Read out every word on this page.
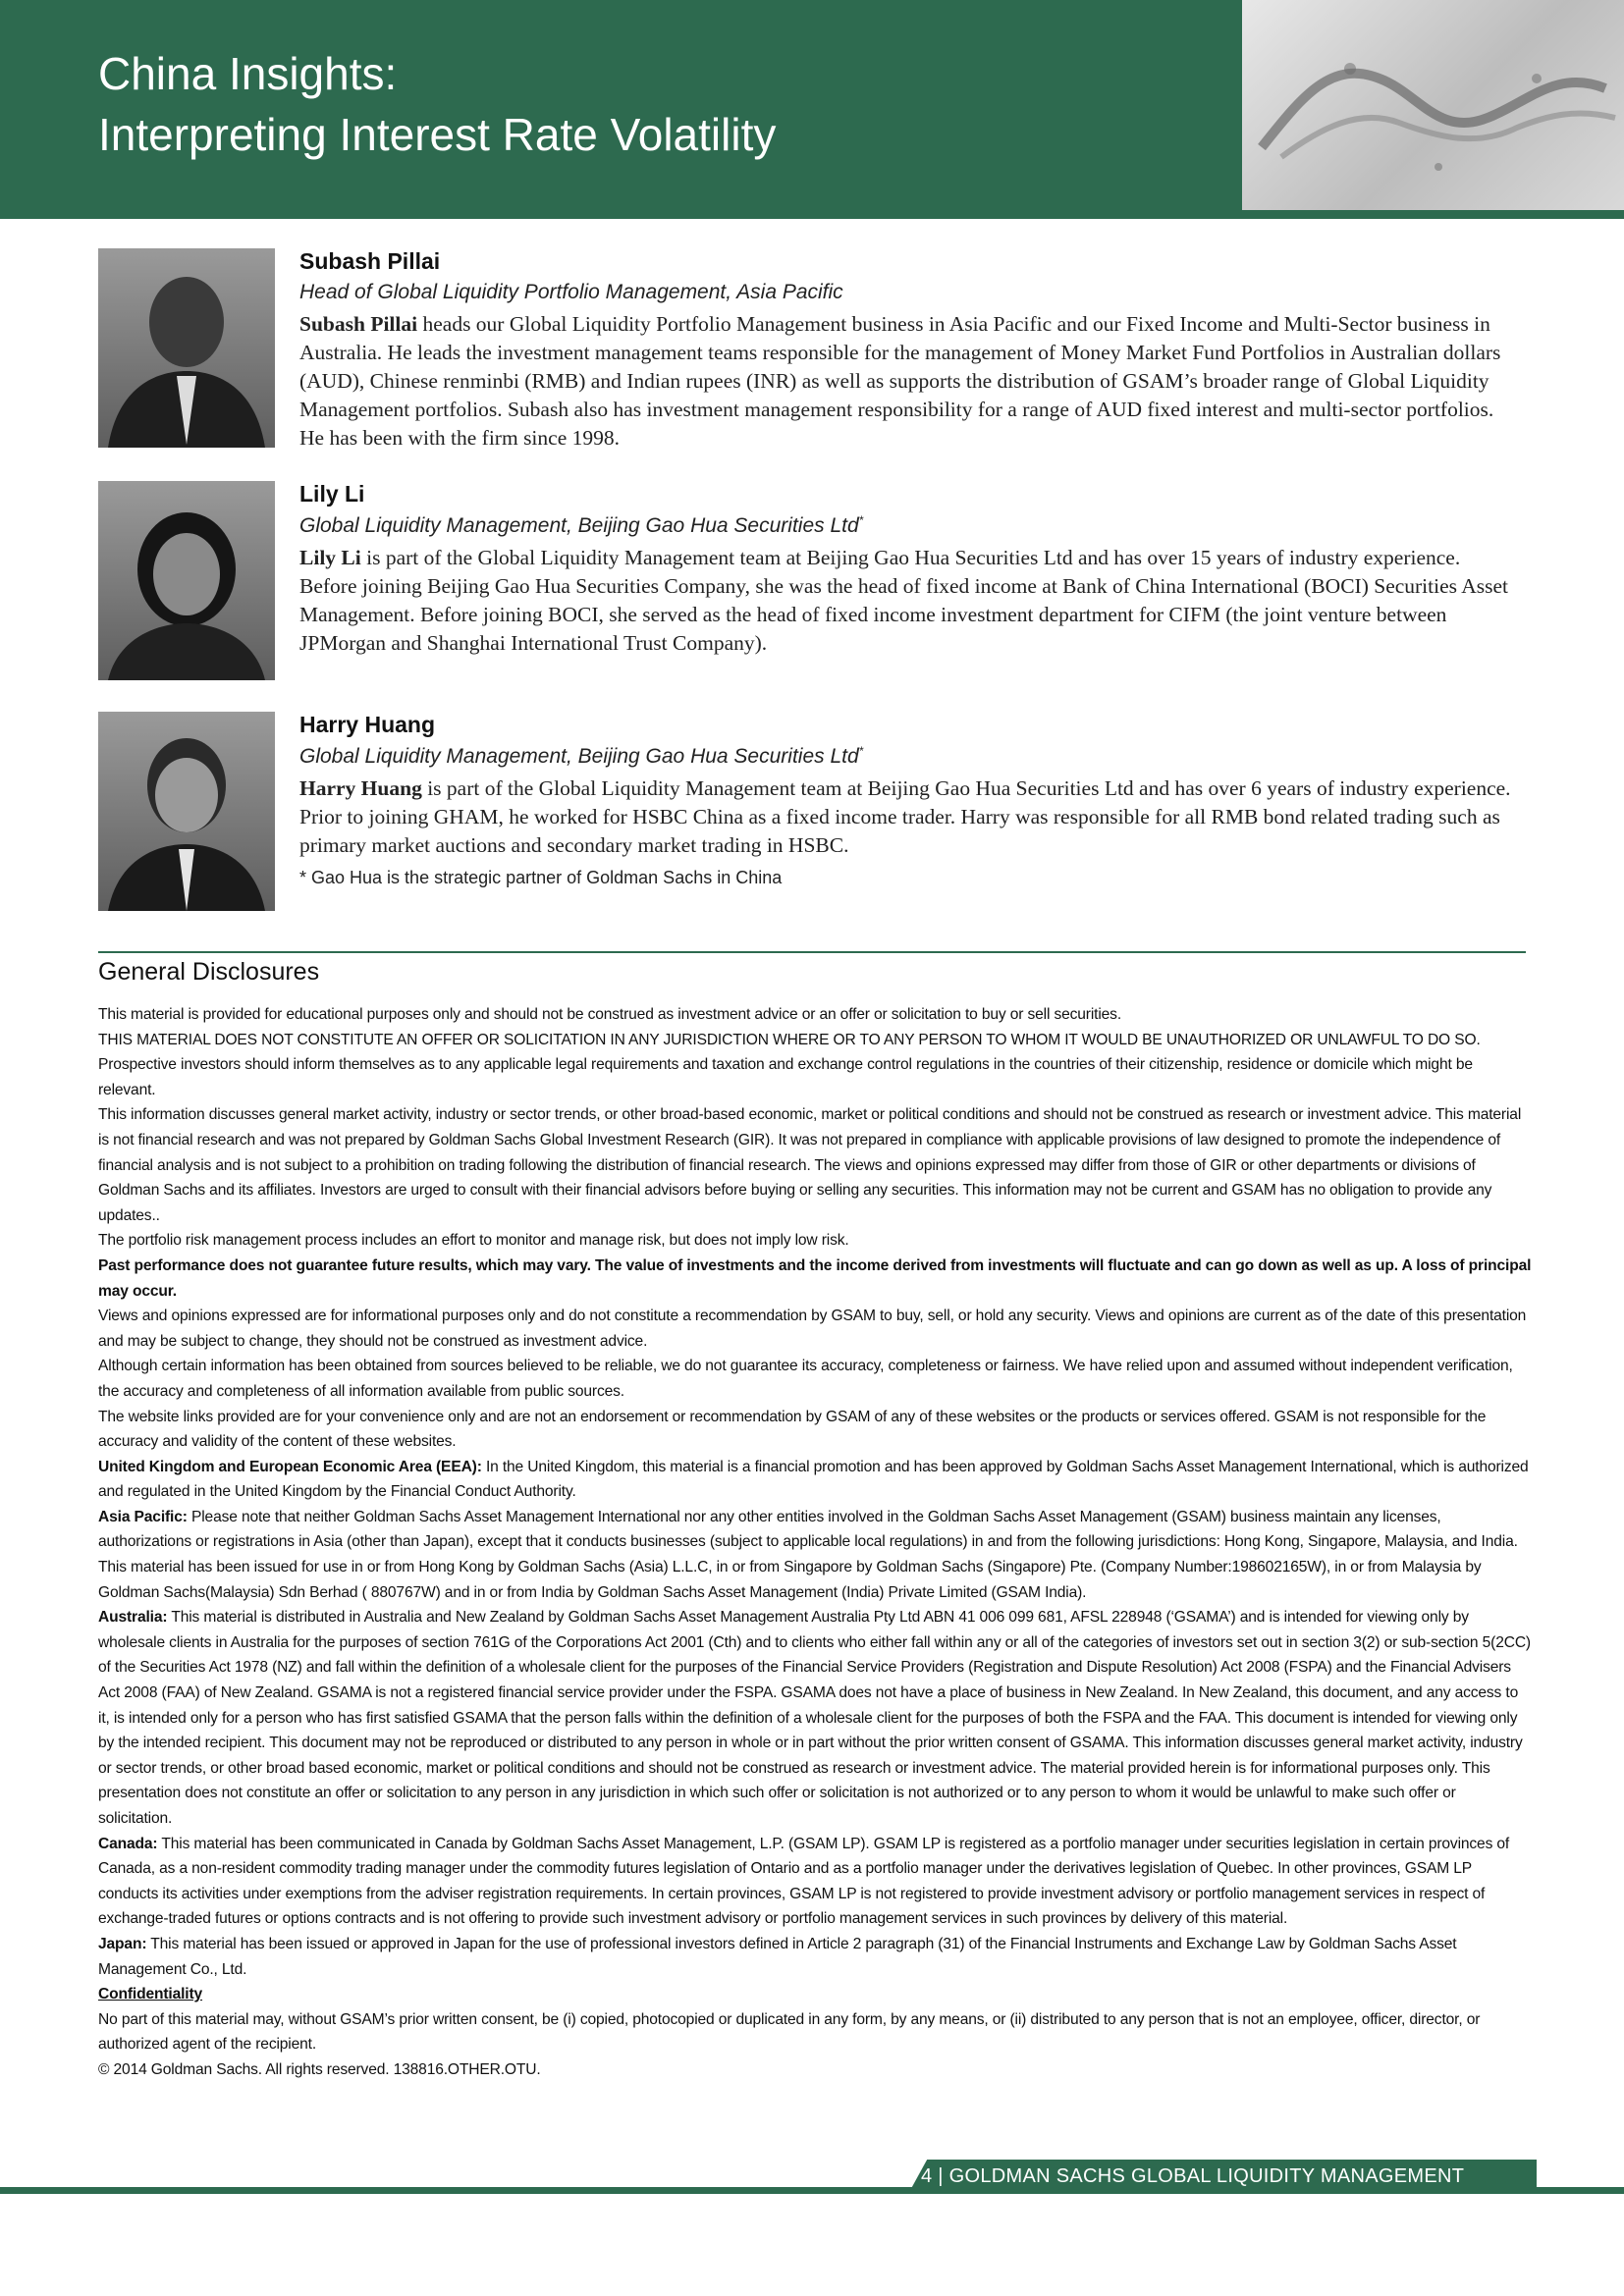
China Insights:
Interpreting Interest Rate Volatility
Subash Pillai
Head of Global Liquidity Portfolio Management, Asia Pacific
Subash Pillai heads our Global Liquidity Portfolio Management business in Asia Pacific and our Fixed Income and Multi-Sector business in Australia. He leads the investment management teams responsible for the management of Money Market Fund Portfolios in Australian dollars (AUD), Chinese renminbi (RMB) and Indian rupees (INR) as well as supports the distribution of GSAM’s broader range of Global Liquidity Management portfolios. Subash also has investment management responsibility for a range of AUD fixed interest and multi-sector portfolios. He has been with the firm since 1998.
Lily Li
Global Liquidity Management, Beijing Gao Hua Securities Ltd*
Lily Li is part of the Global Liquidity Management team at Beijing Gao Hua Securities Ltd and has over 15 years of industry experience. Before joining Beijing Gao Hua Securities Company, she was the head of fixed income at Bank of China International (BOCI) Securities Asset Management. Before joining BOCI, she served as the head of fixed income investment department for CIFM (the joint venture between JPMorgan and Shanghai International Trust Company).
Harry Huang
Global Liquidity Management, Beijing Gao Hua Securities Ltd*
Harry Huang is part of the Global Liquidity Management team at Beijing Gao Hua Securities Ltd and has over 6 years of industry experience. Prior to joining GHAM, he worked for HSBC China as a fixed income trader. Harry was responsible for all RMB bond related trading such as primary market auctions and secondary market trading in HSBC.
* Gao Hua is the strategic partner of Goldman Sachs in China
General Disclosures

This material is provided for educational purposes only and should not be construed as investment advice or an offer or solicitation to buy or sell securities.

THIS MATERIAL DOES NOT CONSTITUTE AN OFFER OR SOLICITATION IN ANY JURISDICTION WHERE OR TO ANY PERSON TO WHOM IT WOULD BE UNAUTHORIZED OR UNLAWFUL TO DO SO.

Prospective investors should inform themselves as to any applicable legal requirements and taxation and exchange control regulations in the countries of their citizenship, residence or domicile which might be relevant.

This information discusses general market activity, industry or sector trends, or other broad-based economic, market or political conditions and should not be construed as research or investment advice. This material is not financial research and was not prepared by Goldman Sachs Global Investment Research (GIR). It was not prepared in compliance with applicable provisions of law designed to promote the independence of financial analysis and is not subject to a prohibition on trading following the distribution of financial research. The views and opinions expressed may differ from those of GIR or other departments or divisions of Goldman Sachs and its affiliates. Investors are urged to consult with their financial advisors before buying or selling any securities. This information may not be current and GSAM has no obligation to provide any updates..

The portfolio risk management process includes an effort to monitor and manage risk, but does not imply low risk.

Past performance does not guarantee future results, which may vary. The value of investments and the income derived from investments will fluctuate and can go down as well as up. A loss of principal may occur.

Views and opinions expressed are for informational purposes only and do not constitute a recommendation by GSAM to buy, sell, or hold any security. Views and opinions are current as of the date of this presentation and may be subject to change, they should not be construed as investment advice.

Although certain information has been obtained from sources believed to be reliable, we do not guarantee its accuracy, completeness or fairness. We have relied upon and assumed without independent verification, the accuracy and completeness of all information available from public sources.

The website links provided are for your convenience only and are not an endorsement or recommendation by GSAM of any of these websites or the products or services offered. GSAM is not responsible for the accuracy and validity of the content of these websites.

United Kingdom and European Economic Area (EEA): In the United Kingdom, this material is a financial promotion and has been approved by Goldman Sachs Asset Management International, which is authorized and regulated in the United Kingdom by the Financial Conduct Authority.

Asia Pacific: Please note that neither Goldman Sachs Asset Management International nor any other entities involved in the Goldman Sachs Asset Management (GSAM) business maintain any licenses, authorizations or registrations in Asia (other than Japan), except that it conducts businesses (subject to applicable local regulations) in and from the following jurisdictions: Hong Kong, Singapore, Malaysia, and India. This material has been issued for use in or from Hong Kong by Goldman Sachs (Asia) L.L.C, in or from Singapore by Goldman Sachs (Singapore) Pte. (Company Number:198602165W), in or from Malaysia by Goldman Sachs(Malaysia) Sdn Berhad ( 880767W) and in or from India by Goldman Sachs Asset Management (India) Private Limited (GSAM India).

Australia: This material is distributed in Australia and New Zealand by Goldman Sachs Asset Management Australia Pty Ltd ABN 41 006 099 681, AFSL 228948 (‘GSAMA’) and is intended for viewing only by wholesale clients in Australia for the purposes of section 761G of the Corporations Act 2001 (Cth) and to clients who either fall within any or all of the categories of investors set out in section 3(2) or sub-section 5(2CC) of the Securities Act 1978 (NZ) and fall within the definition of a wholesale client for the purposes of the Financial Service Providers (Registration and Dispute Resolution) Act 2008 (FSPA) and the Financial Advisers Act 2008 (FAA) of New Zealand. GSAMA is not a registered financial service provider under the FSPA. GSAMA does not have a place of business in New Zealand. In New Zealand, this document, and any access to it, is intended only for a person who has first satisfied GSAMA that the person falls within the definition of a wholesale client for the purposes of both the FSPA and the FAA. This document is intended for viewing only by the intended recipient. This document may not be reproduced or distributed to any person in whole or in part without the prior written consent of GSAMA. This information discusses general market activity, industry or sector trends, or other broad based economic, market or political conditions and should not be construed as research or investment advice. The material provided herein is for informational purposes only. This presentation does not constitute an offer or solicitation to any person in any jurisdiction in which such offer or solicitation is not authorized or to any person to whom it would be unlawful to make such offer or solicitation.

Canada: This material has been communicated in Canada by Goldman Sachs Asset Management, L.P. (GSAM LP). GSAM LP is registered as a portfolio manager under securities legislation in certain provinces of Canada, as a non-resident commodity trading manager under the commodity futures legislation of Ontario and as a portfolio manager under the derivatives legislation of Quebec. In other provinces, GSAM LP conducts its activities under exemptions from the adviser registration requirements. In certain provinces, GSAM LP is not registered to provide investment advisory or portfolio management services in respect of exchange-traded futures or options contracts and is not offering to provide such investment advisory or portfolio management services in such provinces by delivery of this material.

Japan: This material has been issued or approved in Japan for the use of professional investors defined in Article 2 paragraph (31) of the Financial Instruments and Exchange Law by Goldman Sachs Asset Management Co., Ltd.

Confidentiality

No part of this material may, without GSAM’s prior written consent, be (i) copied, photocopied or duplicated in any form, by any means, or (ii) distributed to any person that is not an employee, officer, director, or authorized agent of the recipient.

© 2014 Goldman Sachs. All rights reserved. 138816.OTHER.OTU.

4 | GOLDMAN SACHS GLOBAL LIQUIDITY MANAGEMENT
